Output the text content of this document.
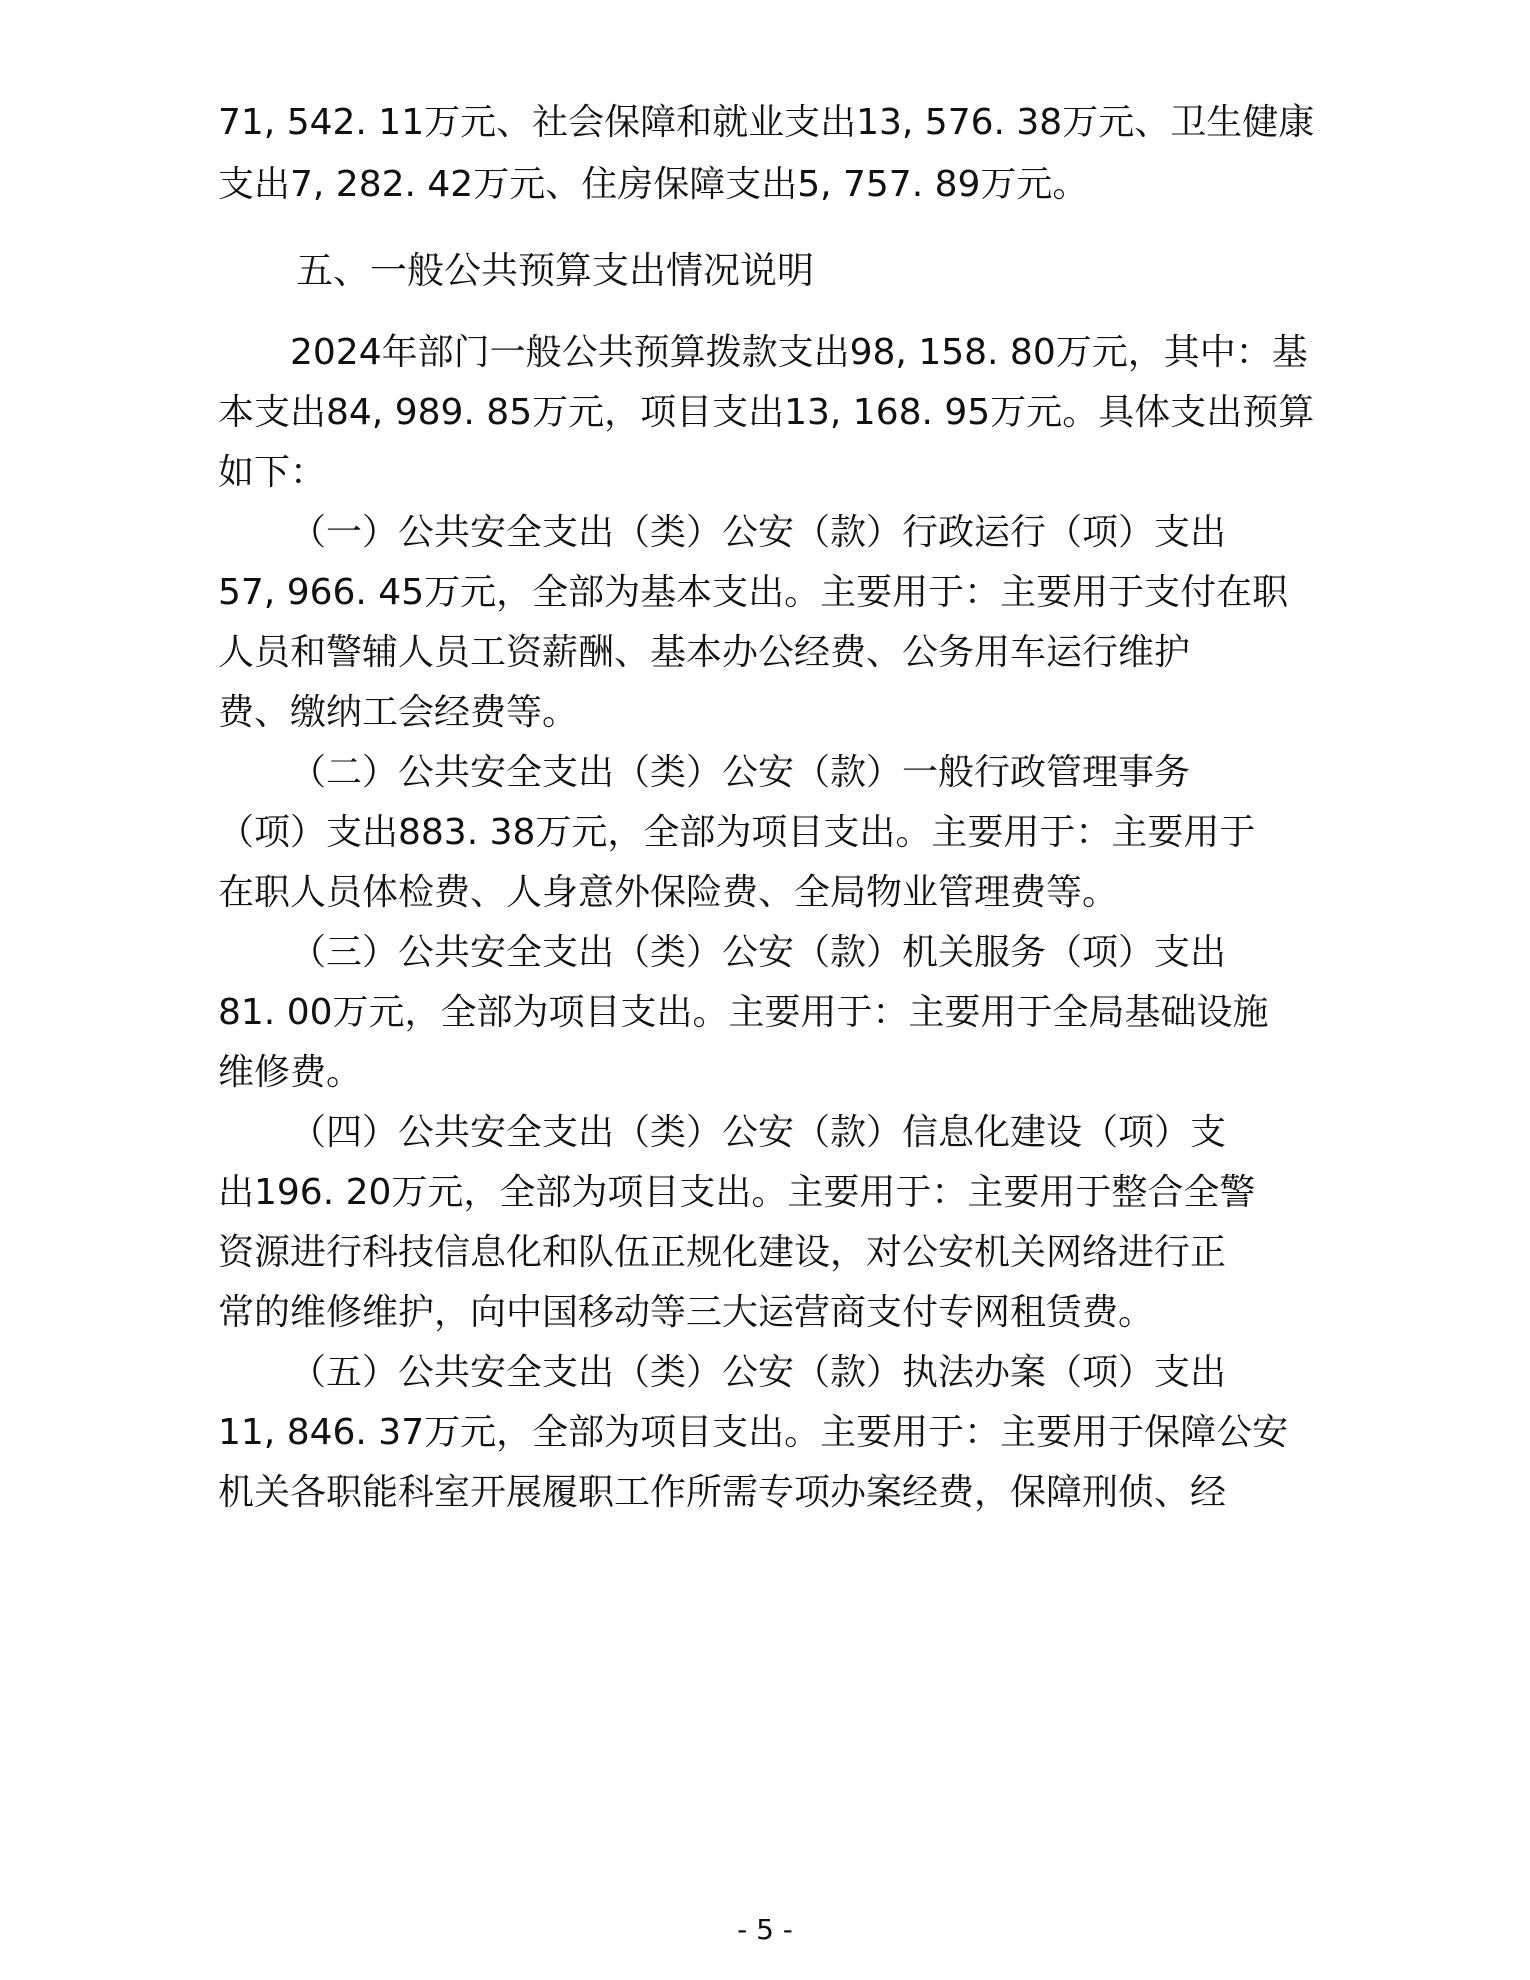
71, 542. 11万元、社会保障和就业支出13, 576. 38万元、卫生健康
支出7, 282. 42万元、住房保障支出5, 757. 89万元。
五、一般公共预算支出情况说明
2024年部门一般公共预算拨款支出98, 158. 80万元，其中：基
本支出84, 989. 85万元，项目支出13, 168. 95万元。具体支出预算
如下：
（一）公共安全支出（类）公安（款）行政运行（项）支出
57, 966. 45万元，全部为基本支出。主要用于：主要用于支付在职
人员和警辅人员工资薪酬、基本办公经费、公务用车运行维护
费、缴纳工会经费等。
（二）公共安全支出（类）公安（款）一般行政管理事务
（项）支出883. 38万元，全部为项目支出。主要用于：主要用于
在职人员体检费、人身意外保险费、全局物业管理费等。
（三）公共安全支出（类）公安（款）机关服务（项）支出
81. 00万元，全部为项目支出。主要用于：主要用于全局基础设施
维修费。
（四）公共安全支出（类）公安（款）信息化建设（项）支
出196. 20万元，全部为项目支出。主要用于：主要用于整合全警
资源进行科技信息化和队伍正规化建设，对公安机关网络进行正
常的维修维护，向中国移动等三大运营商支付专网租赁费。
（五）公共安全支出（类）公安（款）执法办案（项）支出
11, 846. 37万元，全部为项目支出。主要用于：主要用于保障公安
机关各职能科室开展履职工作所需专项办案经费，保障刑侦、经
- 5 -
